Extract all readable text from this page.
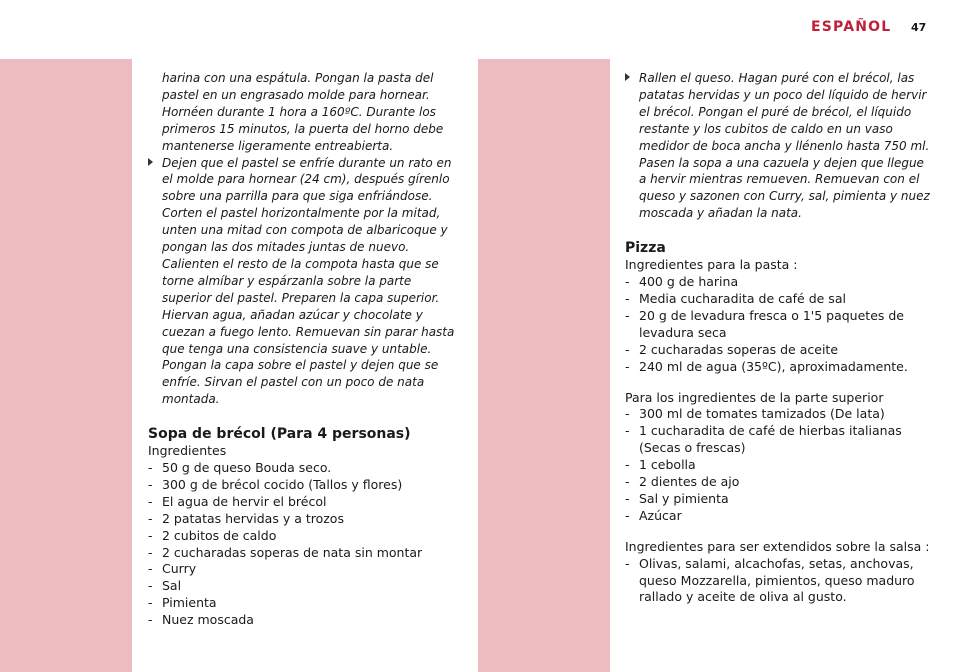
ESPAÑOL 47

harina con una espátula. Pongan la pasta del pastel en un engrasado molde para hornear. Hornéen durante 1 hora a 160ºC. Durante los primeros 15 minutos, la puerta del horno debe mantenerse ligeramente entreabierta.

Dejen que el pastel se enfríe durante un rato en el molde para hornear (24 cm), después gírenlo sobre una parrilla para que siga enfriándose. Corten el pastel horizontalmente por la mitad, unten una mitad con compota de albaricoque y pongan las dos mitades juntas de nuevo. Calienten el resto de la compota hasta que se torne almíbar y espárzanla sobre la parte superior del pastel. Preparen la capa superior. Hiervan agua, añadan azúcar y chocolate y cuezan a fuego lento. Remuevan sin parar hasta que tenga una consistencia suave y untable. Pongan la capa sobre el pastel y dejen que se enfríe. Sirvan el pastel con un poco de nata montada.

Sopa de brécol (Para 4 personas)

Ingredientes

- 50 g de queso Bouda seco.
- 300 g de brécol cocido (Tallos y flores)
- El agua de hervir el brécol
- 2 patatas hervidas y a trozos
- 2 cubitos de caldo
- 2 cucharadas soperas de nata sin montar
- Curry
- Sal
- Pimienta
- Nuez moscada
Rallen el queso. Hagan puré con el brécol, las patatas hervidas y un poco del líquido de hervir el brécol. Pongan el puré de brécol, el líquido restante y los cubitos de caldo en un vaso medidor de boca ancha y llénenlo hasta 750 ml. Pasen la sopa a una cazuela y dejen que llegue a hervir mientras remueven. Remuevan con el queso y sazonen con Curry, sal, pimienta y nuez moscada y añadan la nata.

Pizza

Ingredientes para la pasta :

- 400 g de harina
- Media cucharadita de café de sal
- 20 g de levadura fresca o 1'5 paquetes de levadura seca
- 2 cucharadas soperas de aceite
- 240 ml de agua (35ºC), aproximadamente.

Para los ingredientes de la parte superior

- 300 ml de tomates tamizados (De lata)
- 1 cucharadita de café de hierbas italianas (Secas o frescas)
- 1 cebolla
- 2 dientes de ajo
- Sal y pimienta
- Azúcar

Ingredientes para ser extendidos sobre la salsa :

- Olivas, salami, alcachofas, setas, anchovas, queso Mozzarella, pimientos, queso maduro rallado y aceite de oliva al gusto.
